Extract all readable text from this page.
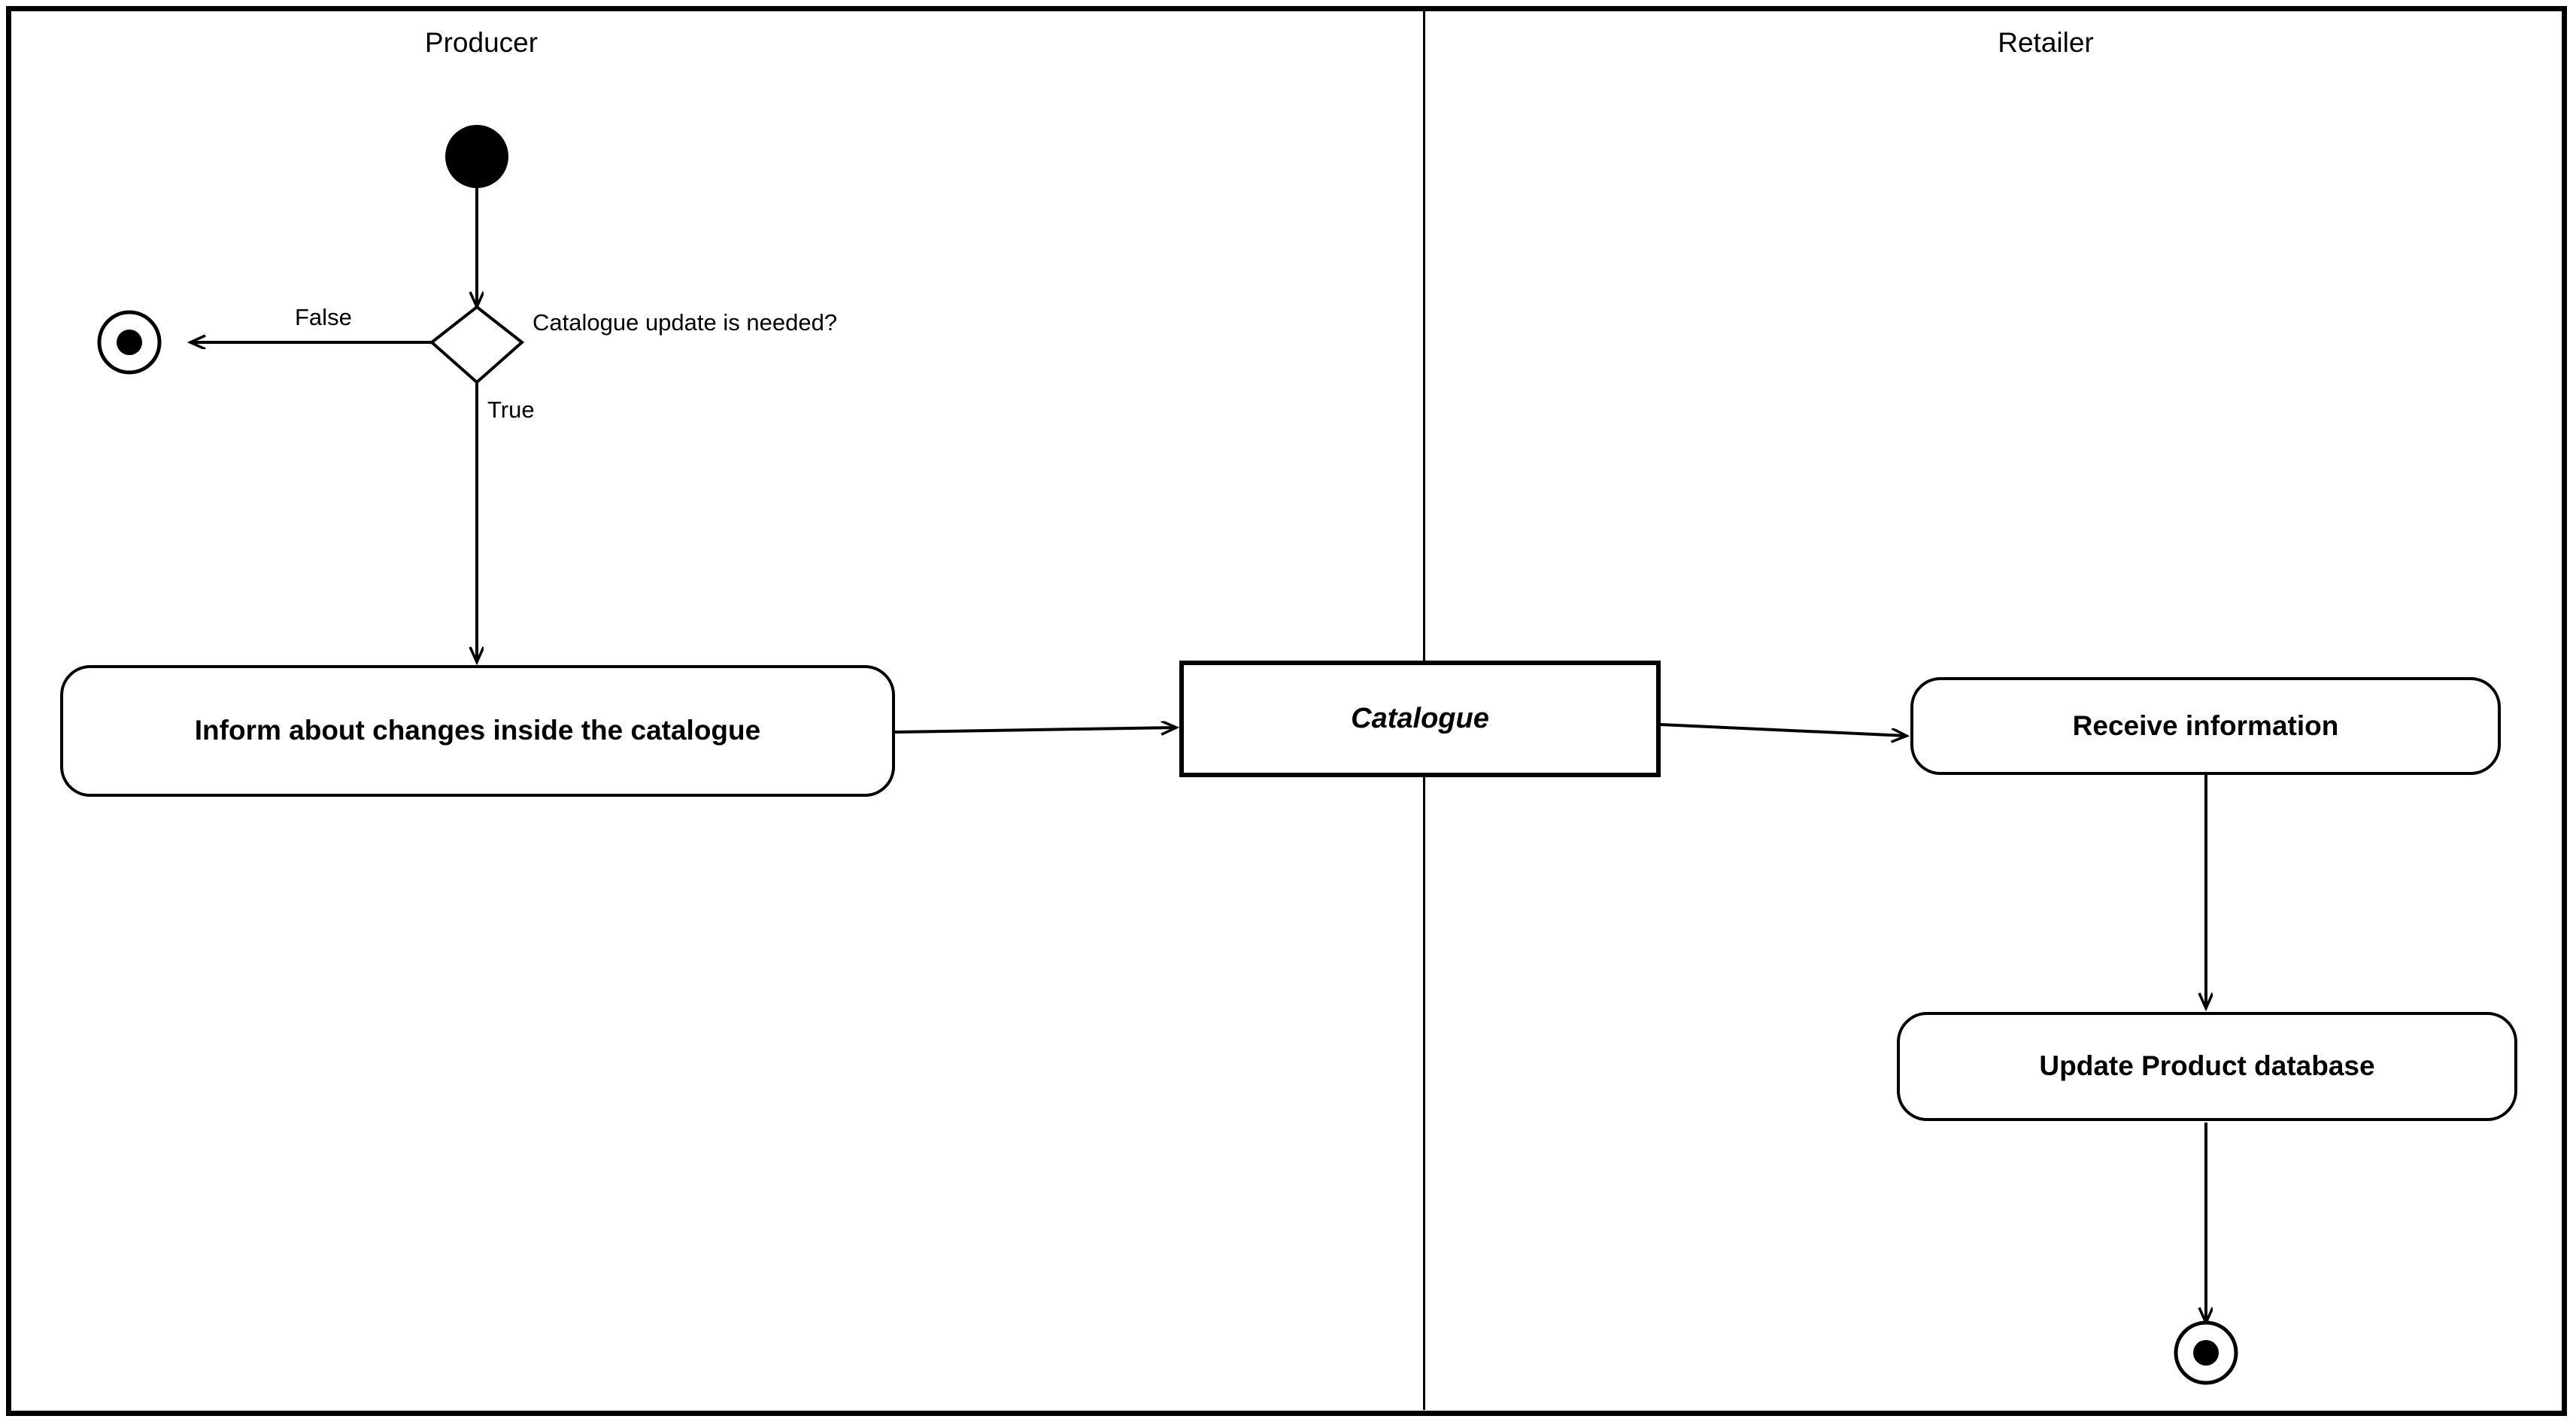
Producer	Retailer
False
True
Catalogue update is needed?
Inform about changes inside the catalogue	Catalogue	Receive information
Update Product database
